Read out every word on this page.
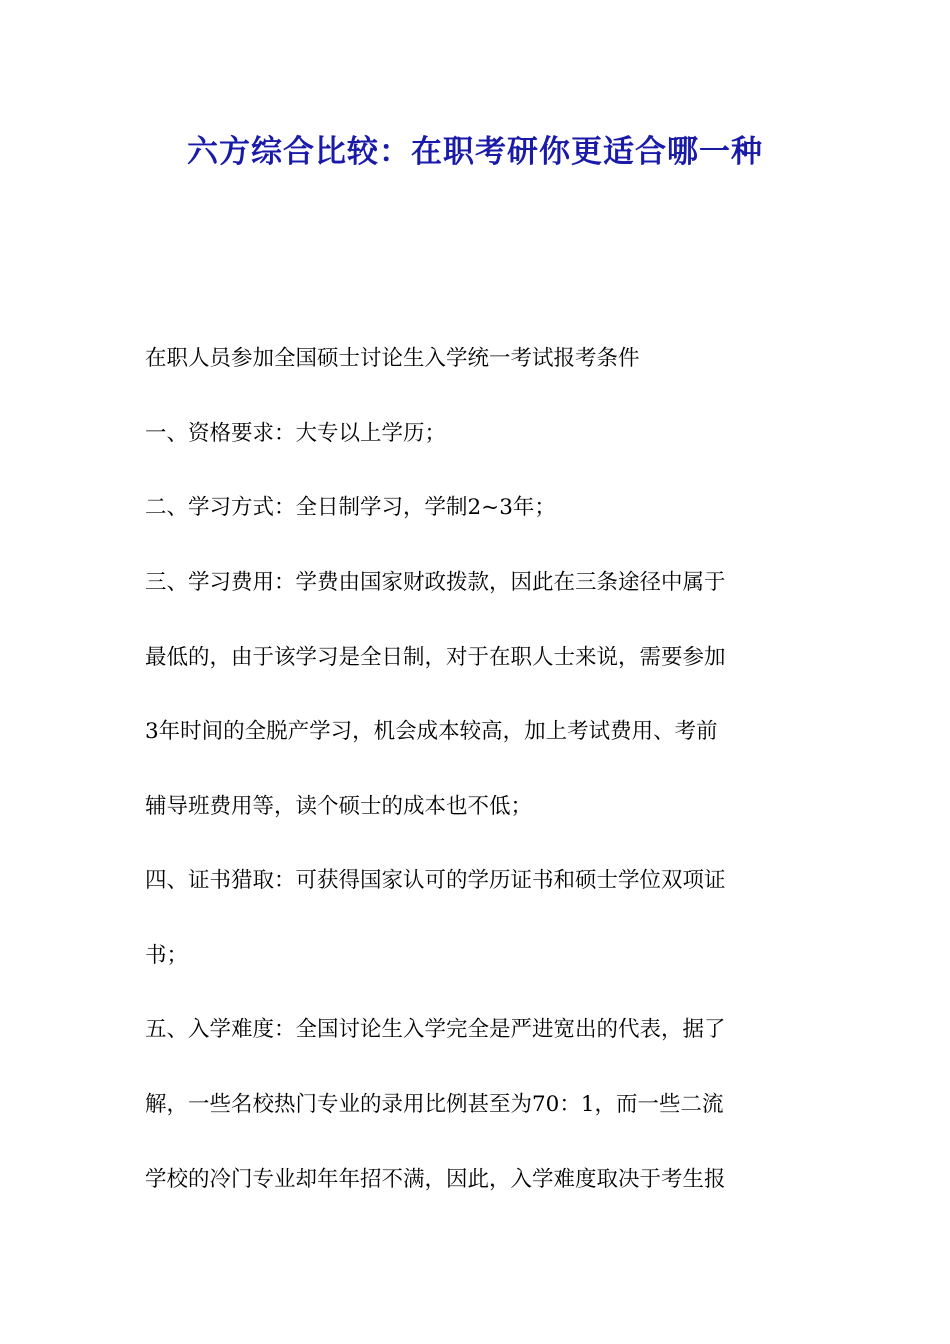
六方综合比较：在职考研你更适合哪一种
在职人员参加全国硕士讨论生入学统一考试报考条件
一、资格要求：大专以上学历；
二、学习方式：全日制学习，学制2~3年；
三、学习费用：学费由国家财政拨款，因此在三条途径中属于
最低的，由于该学习是全日制，对于在职人士来说，需要参加
3年时间的全脱产学习，机会成本较高，加上考试费用、考前
辅导班费用等，读个硕士的成本也不低；
四、证书猎取：可获得国家认可的学历证书和硕士学位双项证
书；
五、入学难度：全国讨论生入学完全是严进宽出的代表，据了
解，一些名校热门专业的录用比例甚至为70：1，而一些二流
学校的冷门专业却年年招不满，因此，入学难度取决于考生报
